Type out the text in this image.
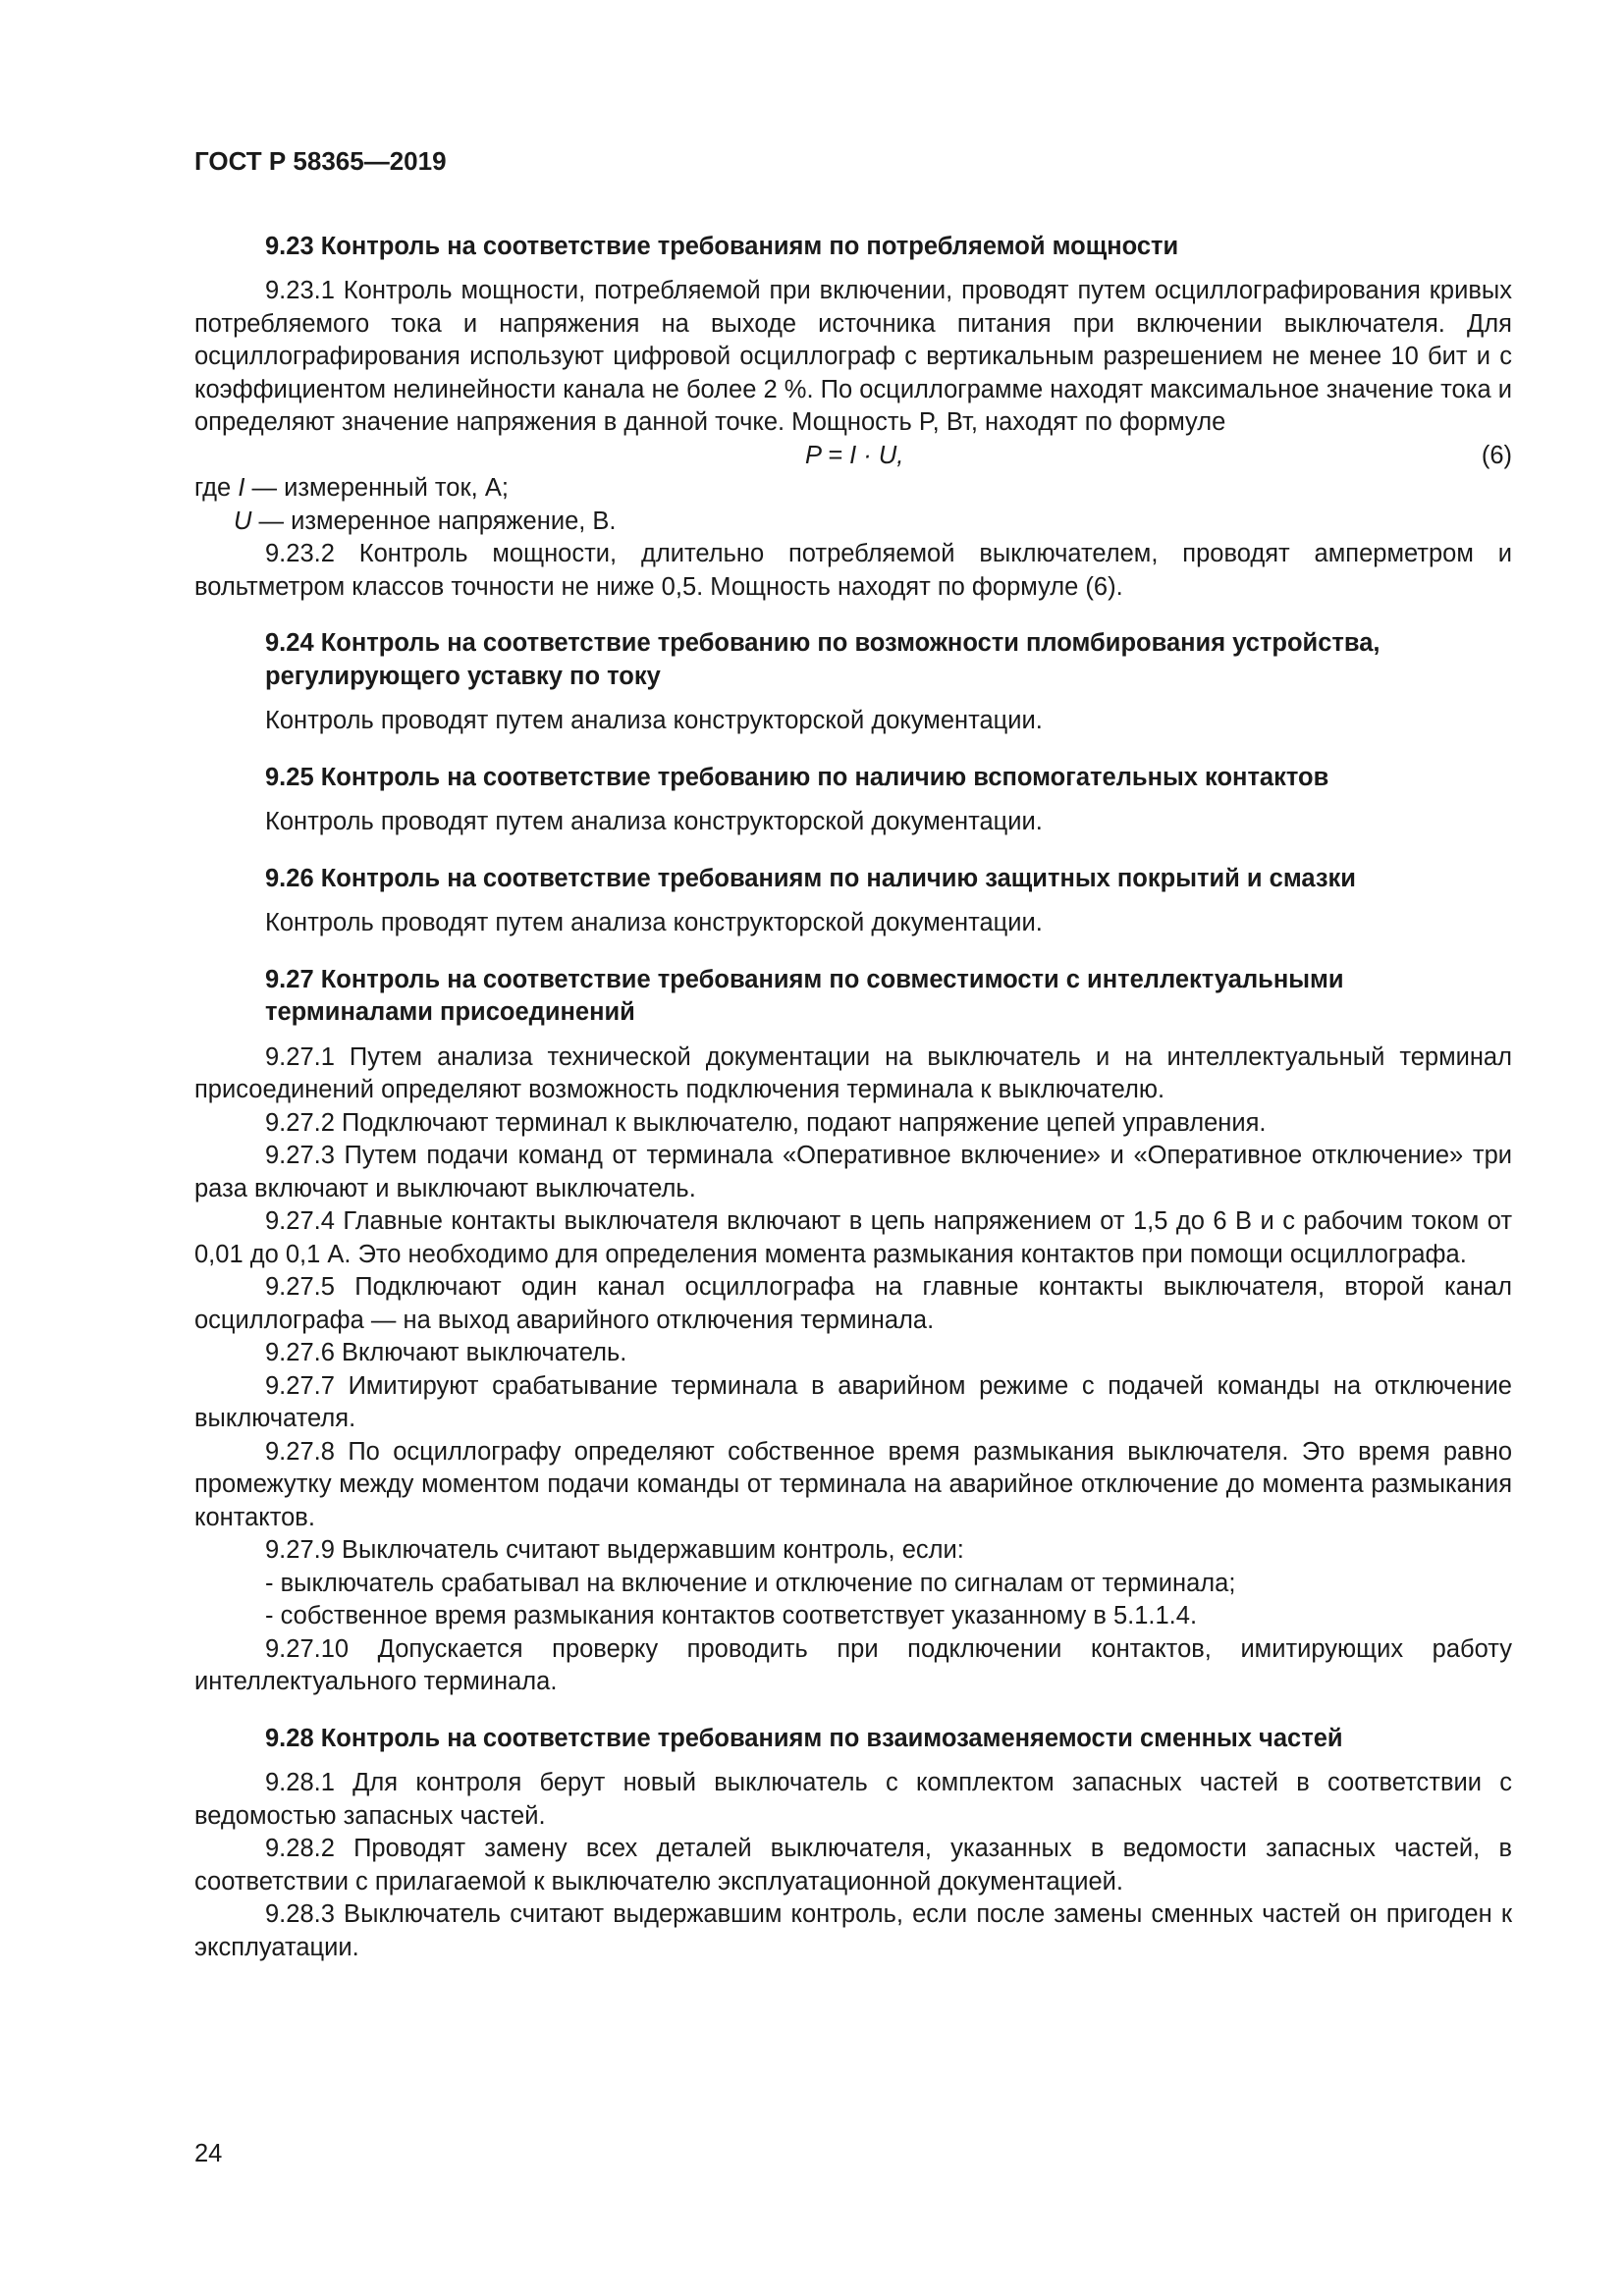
ГОСТ Р 58365—2019
9.23 Контроль на соответствие требованиям по потребляемой мощности

9.23.1 Контроль мощности, потребляемой при включении, проводят путем осциллографирования кривых потребляемого тока и напряжения на выходе источника питания при включении выключателя. Для осциллографирования используют цифровой осциллограф с вертикальным разрешением не менее 10 бит и с коэффициентом нелинейности канала не более 2 %. По осциллограмме находят максимальное значение тока и определяют значение напряжения в данной точке. Мощность P, Вт, находят по формуле

P = I · U,	(6)

где I — измеренный ток, А;

U — измеренное напряжение, В.

9.23.2 Контроль мощности, длительно потребляемой выключателем, проводят амперметром и вольтметром классов точности не ниже 0,5. Мощность находят по формуле (6).

9.24 Контроль на соответствие требованию по возможности пломбирования устройства, регулирующего уставку по току

Контроль проводят путем анализа конструкторской документации.

9.25 Контроль на соответствие требованию по наличию вспомогательных контактов

Контроль проводят путем анализа конструкторской документации.

9.26 Контроль на соответствие требованиям по наличию защитных покрытий и смазки

Контроль проводят путем анализа конструкторской документации.

9.27 Контроль на соответствие требованиям по совместимости с интеллектуальными терминалами присоединений

9.27.1 Путем анализа технической документации на выключатель и на интеллектуальный терминал присоединений определяют возможность подключения терминала к выключателю.

9.27.2 Подключают терминал к выключателю, подают напряжение цепей управления.

9.27.3 Путем подачи команд от терминала «Оперативное включение» и «Оперативное отключение» три раза включают и выключают выключатель.

9.27.4 Главные контакты выключателя включают в цепь напряжением от 1,5 до 6 В и с рабочим током от 0,01 до 0,1 А. Это необходимо для определения момента размыкания контактов при помощи осциллографа.

9.27.5 Подключают один канал осциллографа на главные контакты выключателя, второй канал осциллографа — на выход аварийного отключения терминала.

9.27.6 Включают выключатель.

9.27.7 Имитируют срабатывание терминала в аварийном режиме с подачей команды на отключение выключателя.

9.27.8 По осциллографу определяют собственное время размыкания выключателя. Это время равно промежутку между моментом подачи команды от терминала на аварийное отключение до момента размыкания контактов.

9.27.9 Выключатель считают выдержавшим контроль, если:

- выключатель срабатывал на включение и отключение по сигналам от терминала;

- собственное время размыкания контактов соответствует указанному в 5.1.1.4.

9.27.10 Допускается проверку проводить при подключении контактов, имитирующих работу интеллектуального терминала.

9.28 Контроль на соответствие требованиям по взаимозаменяемости сменных частей

9.28.1 Для контроля берут новый выключатель с комплектом запасных частей в соответствии с ведомостью запасных частей.

9.28.2 Проводят замену всех деталей выключателя, указанных в ведомости запасных частей, в соответствии с прилагаемой к выключателю эксплуатационной документацией.

9.28.3 Выключатель считают выдержавшим контроль, если после замены сменных частей он пригоден к эксплуатации.

24
